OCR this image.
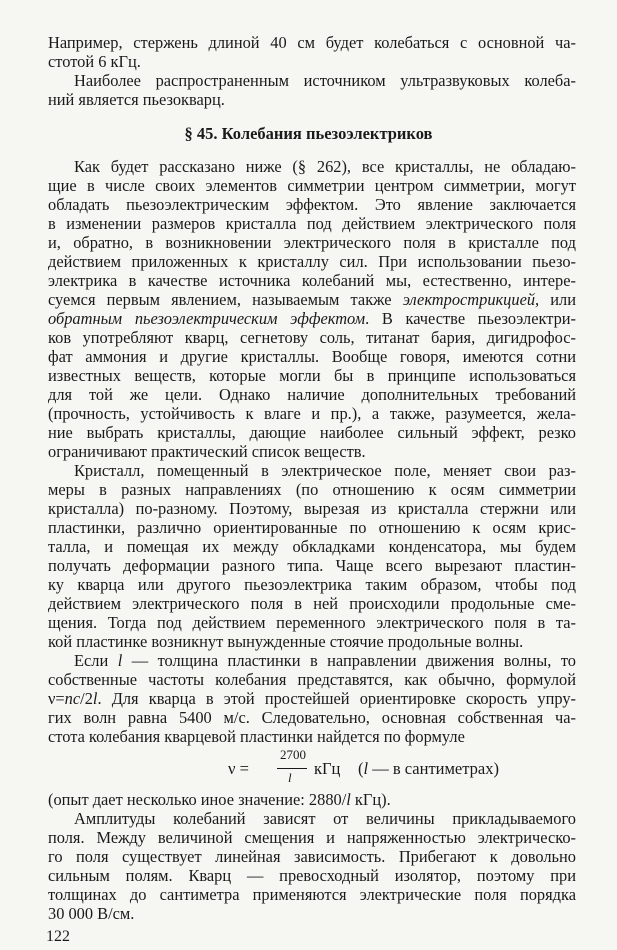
Например, стержень длиной 40 см будет колебаться с основной ча-
стотой 6 кГц.
Наиболее распространенным источником ультразвуковых колеба-
ний является пьезокварц.
§ 45. Колебания пьезоэлектриков
Как будет рассказано ниже (§ 262), все кристаллы, не обладаю-
щие в числе своих элементов симметрии центром симметрии, могут
обладать пьезоэлектрическим эффектом. Это явление заключается
в изменении размеров кристалла под действием электрического поля
и, обратно, в возникновении электрического поля в кристалле под
действием приложенных к кристаллу сил. При использовании пьезо-
электрика в качестве источника колебаний мы, естественно, интере-
суемся первым явлением, называемым также электрострикцией, или
обратным пьезоэлектрическим эффектом. В качестве пьезоэлектри-
ков употребляют кварц, сегнетову соль, титанат бария, дигидрофос-
фат аммония и другие кристаллы. Вообще говоря, имеются сотни
известных веществ, которые могли бы в принципе использоваться
для той же цели. Однако наличие дополнительных требований
(прочность, устойчивость к влаге и пр.), а также, разумеется, жела-
ние выбрать кристаллы, дающие наиболее сильный эффект, резко
ограничивают практический список веществ.
Кристалл, помещенный в электрическое поле, меняет свои раз-
меры в разных направлениях (по отношению к осям симметрии
кристалла) по-разному. Поэтому, вырезая из кристалла стержни или
пластинки, различно ориентированные по отношению к осям крис-
талла, и помещая их между обкладками конденсатора, мы будем
получать деформации разного типа. Чаще всего вырезают пластин-
ку кварца или другого пьезоэлектрика таким образом, чтобы под
действием электрического поля в ней происходили продольные сме-
щения. Тогда под действием переменного электрического поля в та-
кой пластинке возникнут вынужденные стоячие продольные волны.
Если l — толщина пластинки в направлении движения волны, то
собственные частоты колебания представятся, как обычно, формулой
ν=nc/2l. Для кварца в этой простейшей ориентировке скорость упру-
гих волн равна 5400 м/с. Следовательно, основная собственная ча-
стота колебания кварцевой пластинки найдется по формуле
ν =
2700
l кГц (l — в сантиметрах)
(опыт дает несколько иное значение: 2880/l кГц).
Амплитуды колебаний зависят от величины прикладываемого
поля. Между величиной смещения и напряженностью электрическо-
го поля существует линейная зависимость. Прибегают к довольно
сильным полям. Кварц — превосходный изолятор, поэтому при
толщинах до сантиметра применяются электрические поля порядка
30 000 В/см.
122
